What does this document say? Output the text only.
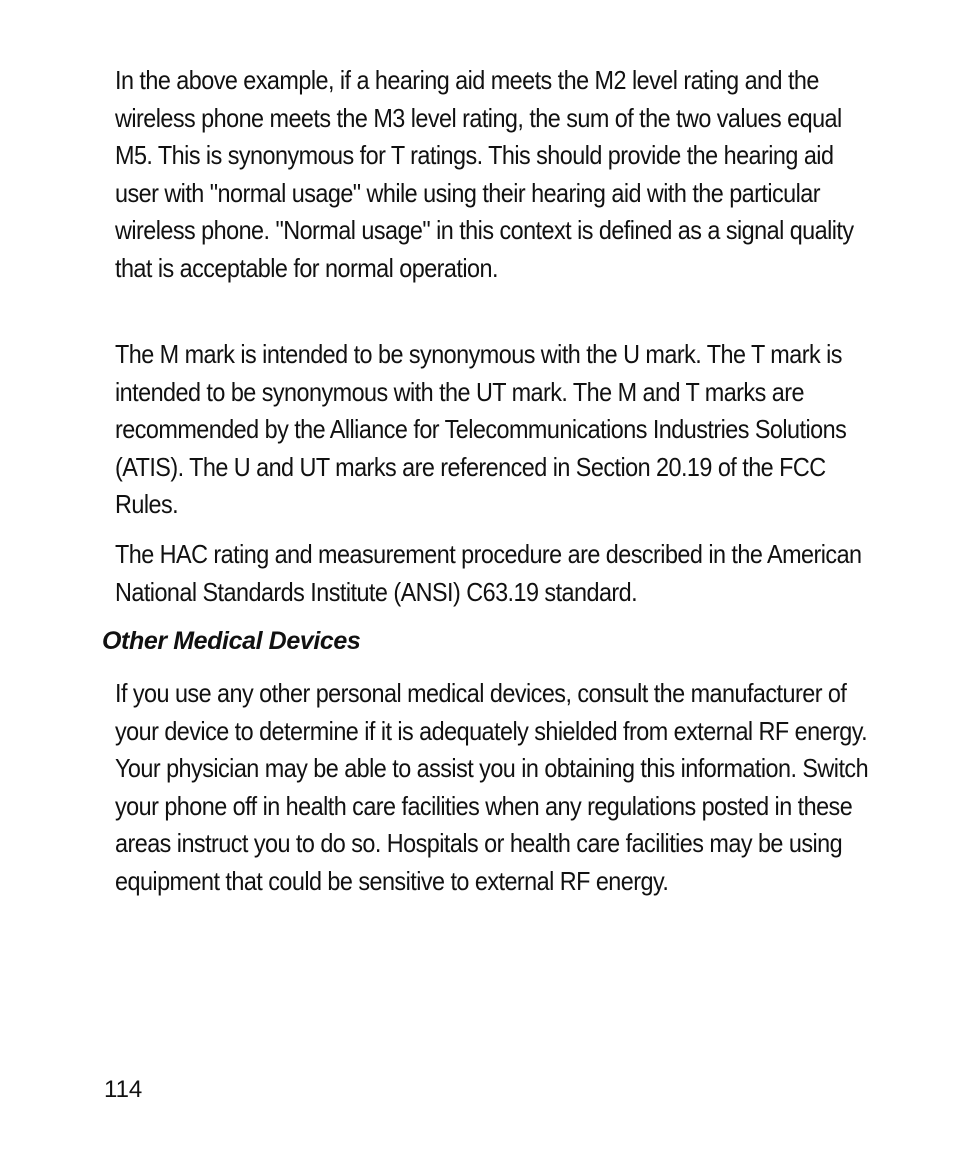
In the above example, if a hearing aid meets the M2 level rating and the wireless phone meets the M3 level rating, the sum of the two values equal M5. This is synonymous for T ratings. This should provide the hearing aid user with "normal usage" while using their hearing aid with the particular wireless phone. "Normal usage" in this context is defined as a signal quality that is acceptable for normal operation.

The M mark is intended to be synonymous with the U mark. The T mark is intended to be synonymous with the UT mark. The M and T marks are recommended by the Alliance for Telecommunications Industries Solutions (ATIS). The U and UT marks are referenced in Section 20.19 of the FCC Rules.

The HAC rating and measurement procedure are described in the American National Standards Institute (ANSI) C63.19 standard.

Other Medical Devices

If you use any other personal medical devices, consult the manufacturer of your device to determine if it is adequately shielded from external RF energy. Your physician may be able to assist you in obtaining this information. Switch your phone off in health care facilities when any regulations posted in these areas instruct you to do so. Hospitals or health care facilities may be using equipment that could be sensitive to external RF energy.

114
